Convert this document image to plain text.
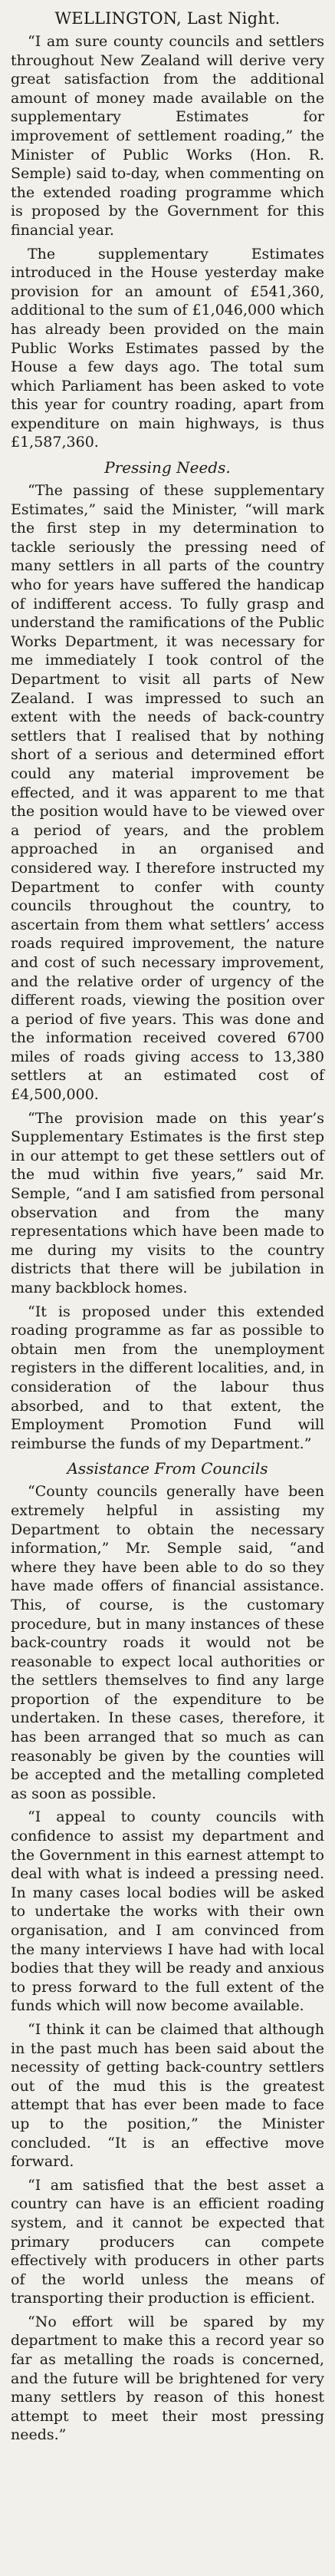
WELLINGTON, Last Night.

“I am sure county councils and settlers throughout New Zealand will derive very great satisfaction from the additional amount of money made available on the supplementary Estimates for improvement of settlement roading,” the Minister of Public Works (Hon. R. Semple) said to-day, when commenting on the extended roading programme which is proposed by the Government for this financial year.

The supplementary Estimates introduced in the House yesterday make provision for an amount of £541,360, additional to the sum of £1,046,000 which has already been provided on the main Public Works Estimates passed by the House a few days ago. The total sum which Parliament has been asked to vote this year for country roading, apart from expenditure on main highways, is thus £1,587,360.

Pressing Needs.

“The passing of these supplementary Estimates,” said the Minister, “will mark the first step in my determination to tackle seriously the pressing need of many settlers in all parts of the country who for years have suffered the handicap of indifferent access. To fully grasp and understand the ramifications of the Public Works Department, it was necessary for me immediately I took control of the Department to visit all parts of New Zealand. I was impressed to such an extent with the needs of back-country settlers that I realised that by nothing short of a serious and determined effort could any material improvement be effected, and it was apparent to me that the position would have to be viewed over a period of years, and the problem approached in an organised and considered way. I therefore instructed my Department to confer with county councils throughout the country, to ascertain from them what settlers’ access roads required improvement, the nature and cost of such necessary improvement, and the relative order of urgency of the different roads, viewing the position over a period of five years. This was done and the information received covered 6700 miles of roads giving access to 13,380 settlers at an estimated cost of £4,500,000.

“The provision made on this year’s Supplementary Estimates is the first step in our attempt to get these settlers out of the mud within five years,” said Mr. Semple, “and I am satisfied from personal observation and from the many representations which have been made to me during my visits to the country districts that there will be jubilation in many backblock homes.

“It is proposed under this extended roading programme as far as possible to obtain men from the unemployment registers in the different localities, and, in consideration of the labour thus absorbed, and to that extent, the Employment Promotion Fund will reimburse the funds of my Department.”

Assistance From Councils

“County councils generally have been extremely helpful in assisting my Department to obtain the necessary information,” Mr. Semple said, “and where they have been able to do so they have made offers of financial assistance. This, of course, is the customary procedure, but in many instances of these back-country roads it would not be reasonable to expect local authorities or the settlers themselves to find any large proportion of the expenditure to be undertaken. In these cases, therefore, it has been arranged that so much as can reasonably be given by the counties will be accepted and the metalling completed as soon as possible.

“I appeal to county councils with confidence to assist my department and the Government in this earnest attempt to deal with what is indeed a pressing need. In many cases local bodies will be asked to undertake the works with their own organisation, and I am convinced from the many interviews I have had with local bodies that they will be ready and anxious to press forward to the full extent of the funds which will now become available.

“I think it can be claimed that although in the past much has been said about the necessity of getting back-country settlers out of the mud this is the greatest attempt that has ever been made to face up to the position,” the Minister concluded. “It is an effective move forward.

“I am satisfied that the best asset a country can have is an efficient roading system, and it cannot be expected that primary producers can compete effectively with producers in other parts of the world unless the means of transporting their production is efficient.

“No effort will be spared by my department to make this a record year so far as metalling the roads is concerned, and the future will be brightened for very many settlers by reason of this honest attempt to meet their most pressing needs.”
